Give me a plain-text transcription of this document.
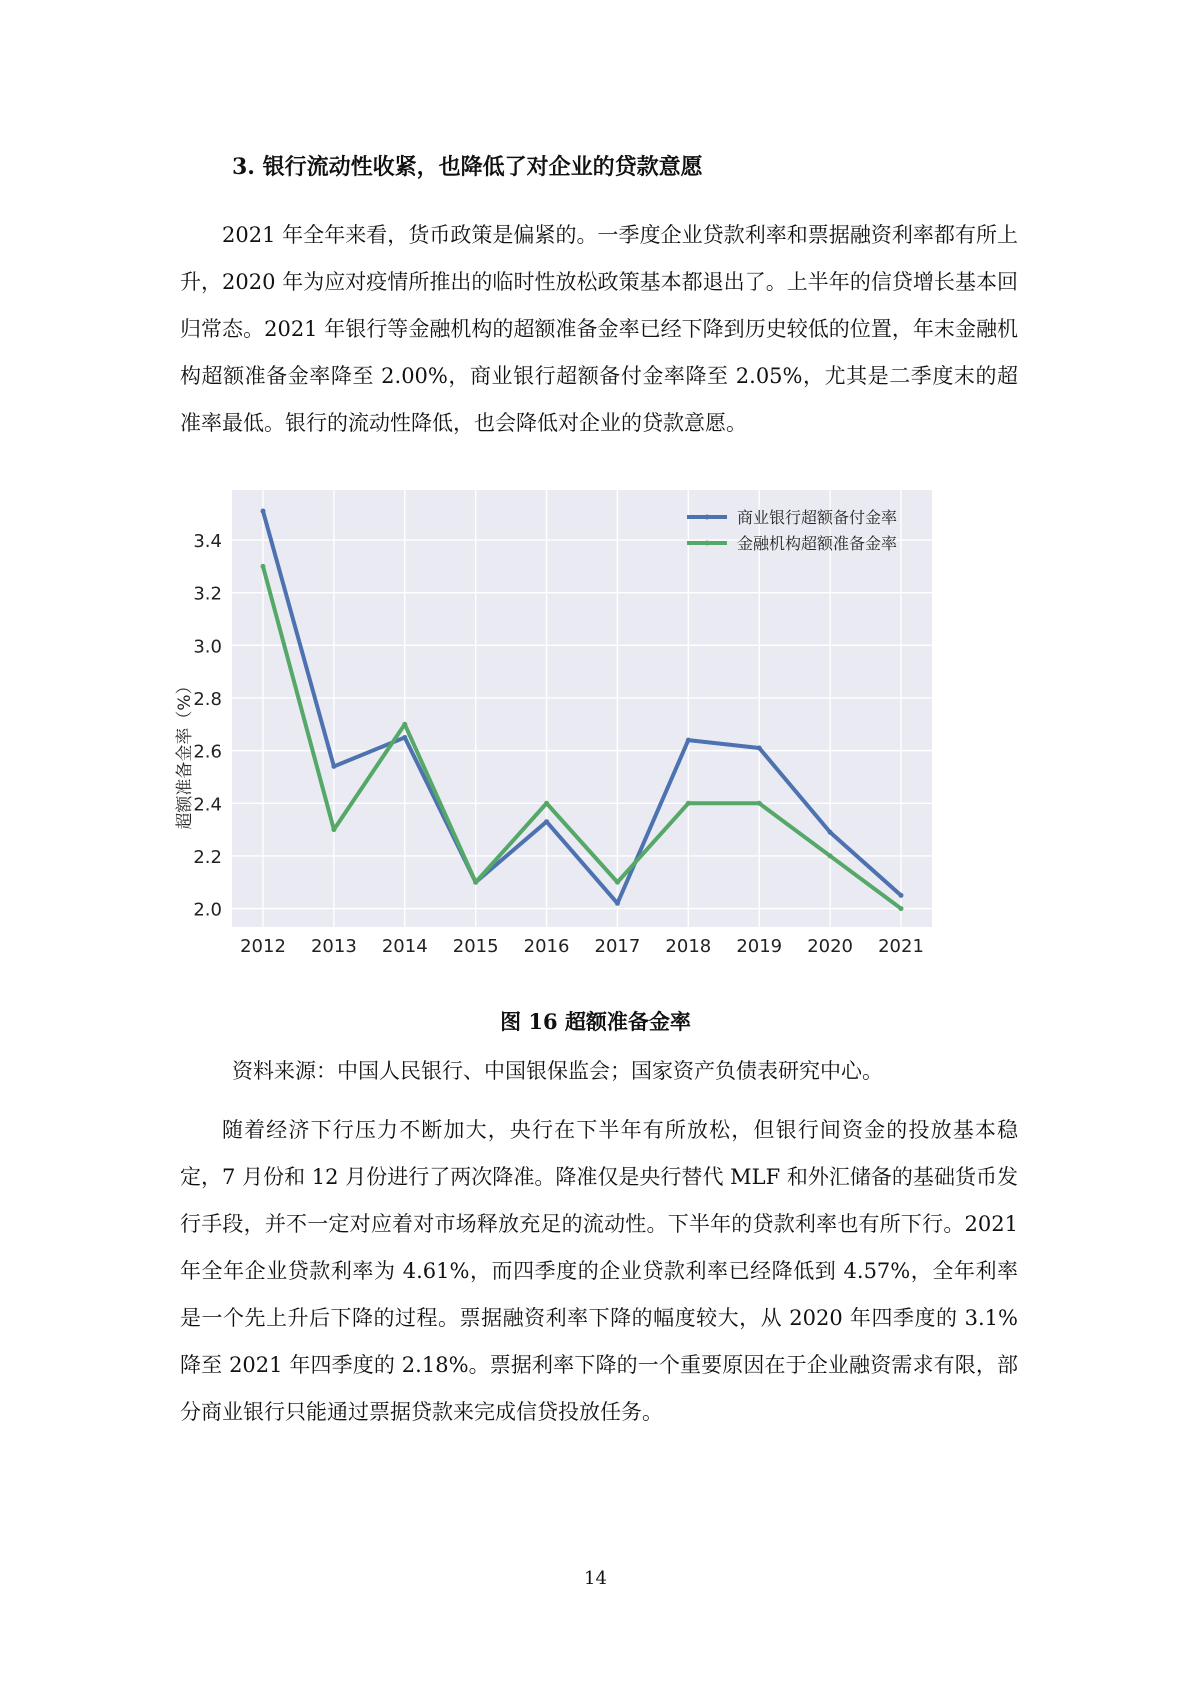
3. 银行流动性收紧，也降低了对企业的贷款意愿

2021 年全年来看，货币政策是偏紧的。一季度企业贷款利率和票据融资利率都有所上升，2020 年为应对疫情所推出的临时性放松政策基本都退出了。上半年的信贷增长基本回归常态。2021 年银行等金融机构的超额准备金率已经下降到历史较低的位置，年末金融机构超额准备金率降至 2.00%，商业银行超额备付金率降至 2.05%，尤其是二季度末的超准率最低。银行的流动性降低，也会降低对企业的贷款意愿。

2.0
2.2
2.4
2.6
2.8
3.0
3.2
3.4
2012 2013 2014 2015 2016 2017 2018 2019 2020 2021
超额准备金率（%）
商业银行超额备付金率
金融机构超额准备金率
图 16 超额准备金率
资料来源：中国人民银行、中国银保监会；国家资产负债表研究中心。

随着经济下行压力不断加大，央行在下半年有所放松，但银行间资金的投放基本稳定，7 月份和 12 月份进行了两次降准。降准仅是央行替代 MLF 和外汇储备的基础货币发行手段，并不一定对应着对市场释放充足的流动性。下半年的贷款利率也有所下行。2021 年全年企业贷款利率为 4.61%，而四季度的企业贷款利率已经降低到 4.57%，全年利率是一个先上升后下降的过程。票据融资利率下降的幅度较大，从 2020 年四季度的 3.1%降至 2021 年四季度的 2.18%。票据利率下降的一个重要原因在于企业融资需求有限，部分商业银行只能通过票据贷款来完成信贷投放任务。

14
